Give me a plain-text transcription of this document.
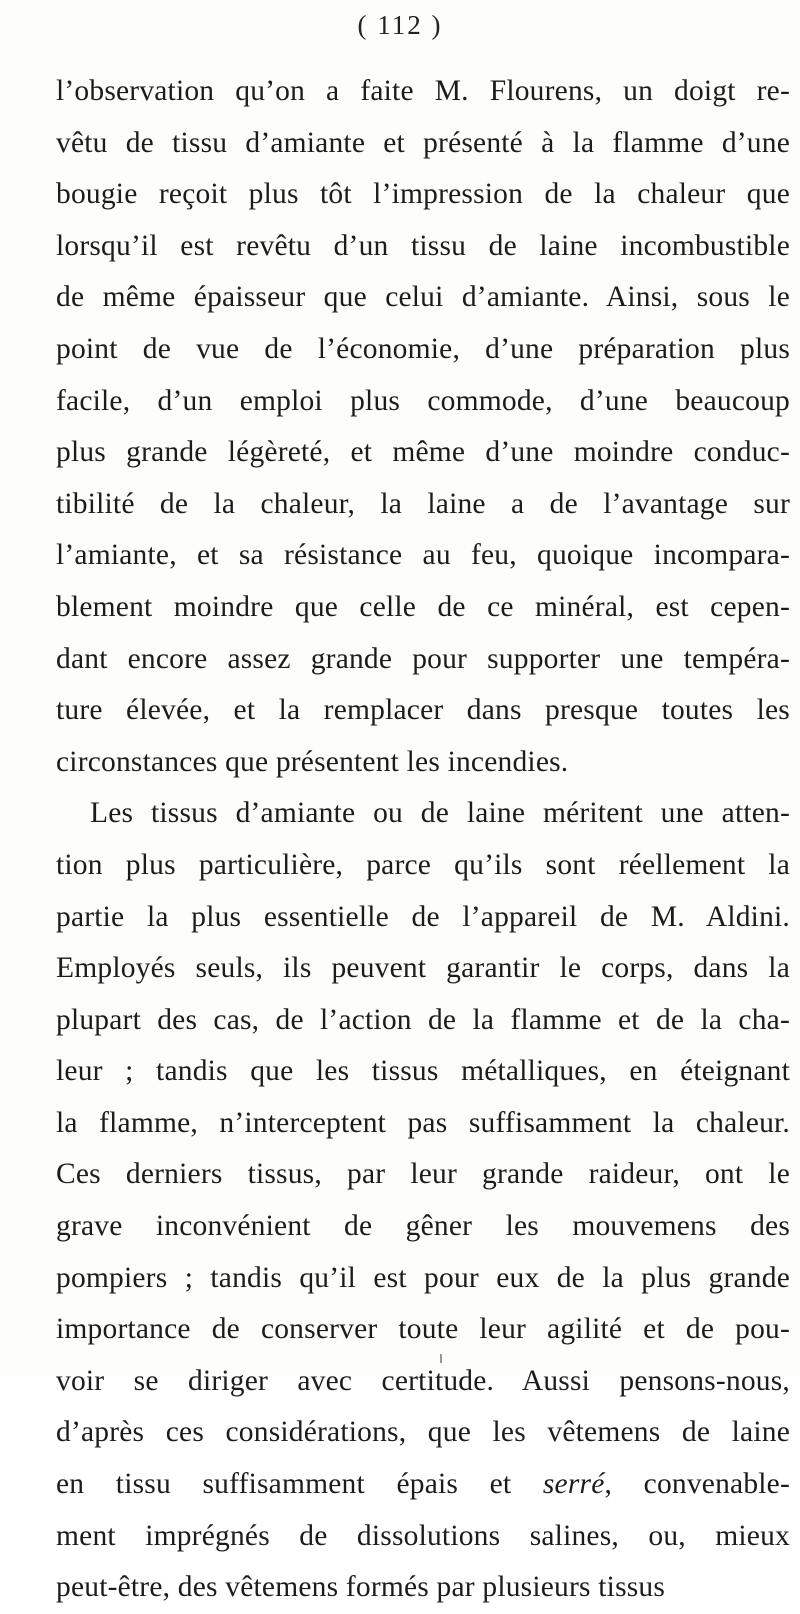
( 112 )
l’observation qu’on a faite M. Flourens, un doigt re-
vêtu de tissu d’amiante et présenté à la flamme d’une
bougie reçoit plus tôt l’impression de la chaleur que
lorsqu’il est revêtu d’un tissu de laine incombustible
de même épaisseur que celui d’amiante. Ainsi, sous le
point de vue de l’économie, d’une préparation plus
facile, d’un emploi plus commode, d’une beaucoup
plus grande légèreté, et même d’une moindre conduc-
tibilité de la chaleur, la laine a de l’avantage sur
l’amiante, et sa résistance au feu, quoique incompara-
blement moindre que celle de ce minéral, est cepen-
dant encore assez grande pour supporter une tempéra-
ture élevée, et la remplacer dans presque toutes les
circonstances que présentent les incendies.
Les tissus d’amiante ou de laine méritent une atten-
tion plus particulière, parce qu’ils sont réellement la
partie la plus essentielle de l’appareil de M. Aldini.
Employés seuls, ils peuvent garantir le corps, dans la
plupart des cas, de l’action de la flamme et de la cha-
leur ; tandis que les tissus métalliques, en éteignant
la flamme, n’interceptent pas suffisamment la chaleur.
Ces derniers tissus, par leur grande raideur, ont le
grave inconvénient de gêner les mouvemens des
pompiers ; tandis qu’il est pour eux de la plus grande
importance de conserver toute leur agilité et de pou-
voir se diriger avec certitude. Aussi pensons-nous,
d’après ces considérations, que les vêtemens de laine
en tissu suffisamment épais et serré, convenable-
ment imprégnés de dissolutions salines, ou, mieux
peut-être, des vêtemens formés par plusieurs tissus
